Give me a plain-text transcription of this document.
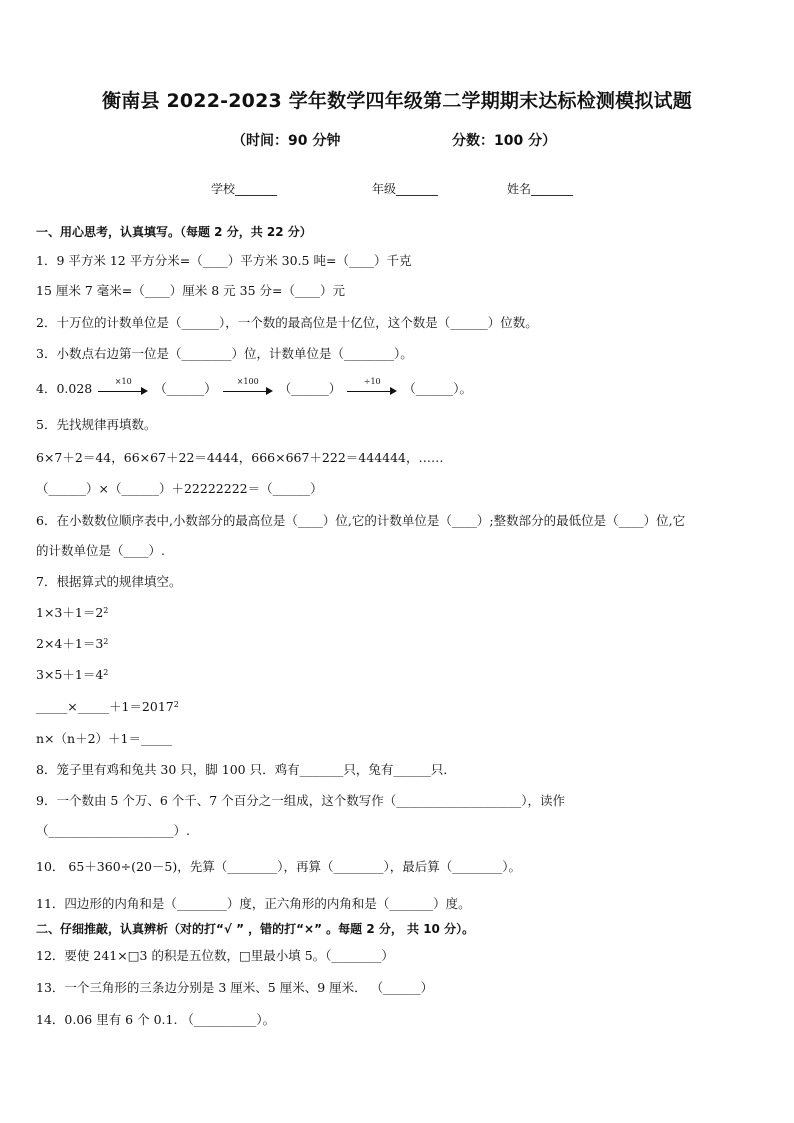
衡南县 2022-2023 学年数学四年级第二学期期末达标检测模拟试题
（时间：90 分钟	分数：100 分）
学校_______	年级_______	姓名_______
一、用心思考，认真填写。（每题 2 分，共 22 分）
1．9 平方米 12 平方分米=（____）平方米 30.5 吨=（____）千克
15 厘米 7 毫米=（____）厘米 8 元 35 分=（____）元
2．十万位的计数单位是（______），一个数的最高位是十亿位，这个数是（______）位数。
3．小数点右边第一位是（________）位，计数单位是（________）。
4．0.028	×10	（______）	×100	（______）	÷10	（______）。
5．先找规律再填数。
6×7＋2＝44，66×67＋22＝4444，666×667＋222＝444444，……
（______）×（______）＋22222222＝（______）
6．在小数数位顺序表中,小数部分的最高位是（____）位,它的计数单位是（____）;整数部分的最低位是（____）位,它
的计数单位是（____）.
7．根据算式的规律填空。
$1\times 3+1=2^2$
$2\times 4+1=3^2$
$3\times 5+1=4^2$
$\_\_\_\_\_\times\_\_\_\_\_+1=2017^2$
n×（n＋2）＋1＝_____
8．笼子里有鸡和兔共 30 只，脚 100 只．鸡有_______只，兔有______只．
9．一个数由 5 个万、6 个千、7 个百分之一组成，这个数写作（____________________），读作
（____________________）.
10． 65＋360÷(20－5)，先算（________），再算（________），最后算（________）。
11．四边形的内角和是（________）度，正六角形的内角和是（_______）度。
二、仔细推敲，认真辨析（对的打“√ ” ，错的打“×” 。每题 2 分， 共 10 分）。
12．要使 241×□3 的积是五位数，□里最小填 5。（________）
13．一个三角形的三条边分别是 3 厘米、5 厘米、9 厘米． （______）
14．0.06 里有 6 个 0.1. （__________）。
